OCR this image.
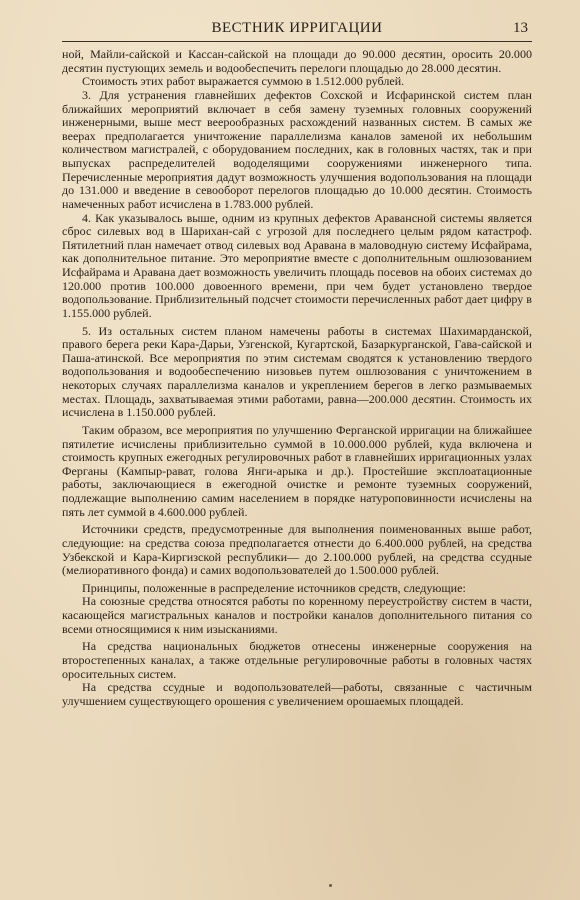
ВЕСТНИК ИРРИГАЦИИ	13

ной, Майли-сайской и Кассан-сайской на площади до 90.000 десятин, оросить 20.000 десятин пустующих земель и водообеспечить перелоги площадью до 28.000 десятин.

Стоимость этих работ выражается суммою в 1.512.000 рублей.

3. Для устранения главнейших дефектов Сохской и Исфаринской систем план ближайших мероприятий включает в себя замену туземных головных сооружений инженерными, выше мест веерообразных расхождений названных систем. В самых же веерах предполагается уничтожение параллелизма каналов заменой их небольшим количеством магистралей, с оборудованием последних, как в головных частях, так и при выпусках распределителей вододелящими сооружениями инженерного типа. Перечисленные мероприятия дадут возможность улучшения водопользования на площади до 131.000 и введение в севооборот перелогов площадью до 10.000 десятин. Стоимость намеченных работ исчислена в 1.783.000 рублей.

4. Как указывалось выше, одним из крупных дефектов Аравансной системы является сброс силевых вод в Шарихан-сай с угрозой для последнего целым рядом катастроф. Пятилетний план намечает отвод силевых вод Аравана в маловодную систему Исфайрама, как дополнительное питание. Это мероприятие вместе с дополнительным ошлюзованием Исфайрама и Аравана дает возможность увеличить площадь посевов на обоих системах до 120.000 против 100.000 довоенного времени, при чем будет установлено твердое водопользование. Приблизительный подсчет стоимости перечисленных работ дает цифру в 1.155.000 рублей.

5. Из остальных систем планом намечены работы в системах Шахимарданской, правого берега реки Кара-Дарьи, Узгенской, Кугартской, Базаркурганской, Гава-сайской и Паша-атинской. Все мероприятия по этим системам сводятся к установлению твердого водопользования и водообеспечению низовьев путем ошлюзования с уничтожением в некоторых случаях параллелизма каналов и укреплением берегов в легко размываемых местах. Площадь, захватываемая этими работами, равна—200.000 десятин. Стоимость их исчислена в 1.150.000 рублей.

Таким образом, все мероприятия по улучшению Ферганской ирригации на ближайшее пятилетие исчислены приблизительно суммой в 10.000.000 рублей, куда включена и стоимость крупных ежегодных регулировочных работ в главнейших ирригационных узлах Ферганы (Кампыр-рават, голова Янги-арыка и др.). Простейшие эксплоатационные работы, заключающиеся в ежегодной очистке и ремонте туземных сооружений, подлежащие выполнению самим населением в порядке натуроповинности исчислены на пять лет суммой в 4.600.000 рублей.

Источники средств, предусмотренные для выполнения поименованных выше работ, следующие: на средства союза предполагается отнести до 6.400.000 рублей, на средства Узбекской и Кара-Киргизской республики— до 2.100.000 рублей, на средства ссудные (мелиоративного фонда) и самих водопользователей до 1.500.000 рублей.

Принципы, положенные в распределение источников средств, следующие:

На союзные средства относятся работы по коренному переустройству систем в части, касающейся магистральных каналов и постройки каналов дополнительного питания со всеми относящимися к ним изысканиями.

На средства национальных бюджетов отнесены инженерные сооружения на второстепенных каналах, а также отдельные регулировочные работы в головных частях оросительных систем.

На средства ссудные и водопользователей—работы, связанные с частичным улучшением существующего орошения с увеличением орошаемых площадей.
